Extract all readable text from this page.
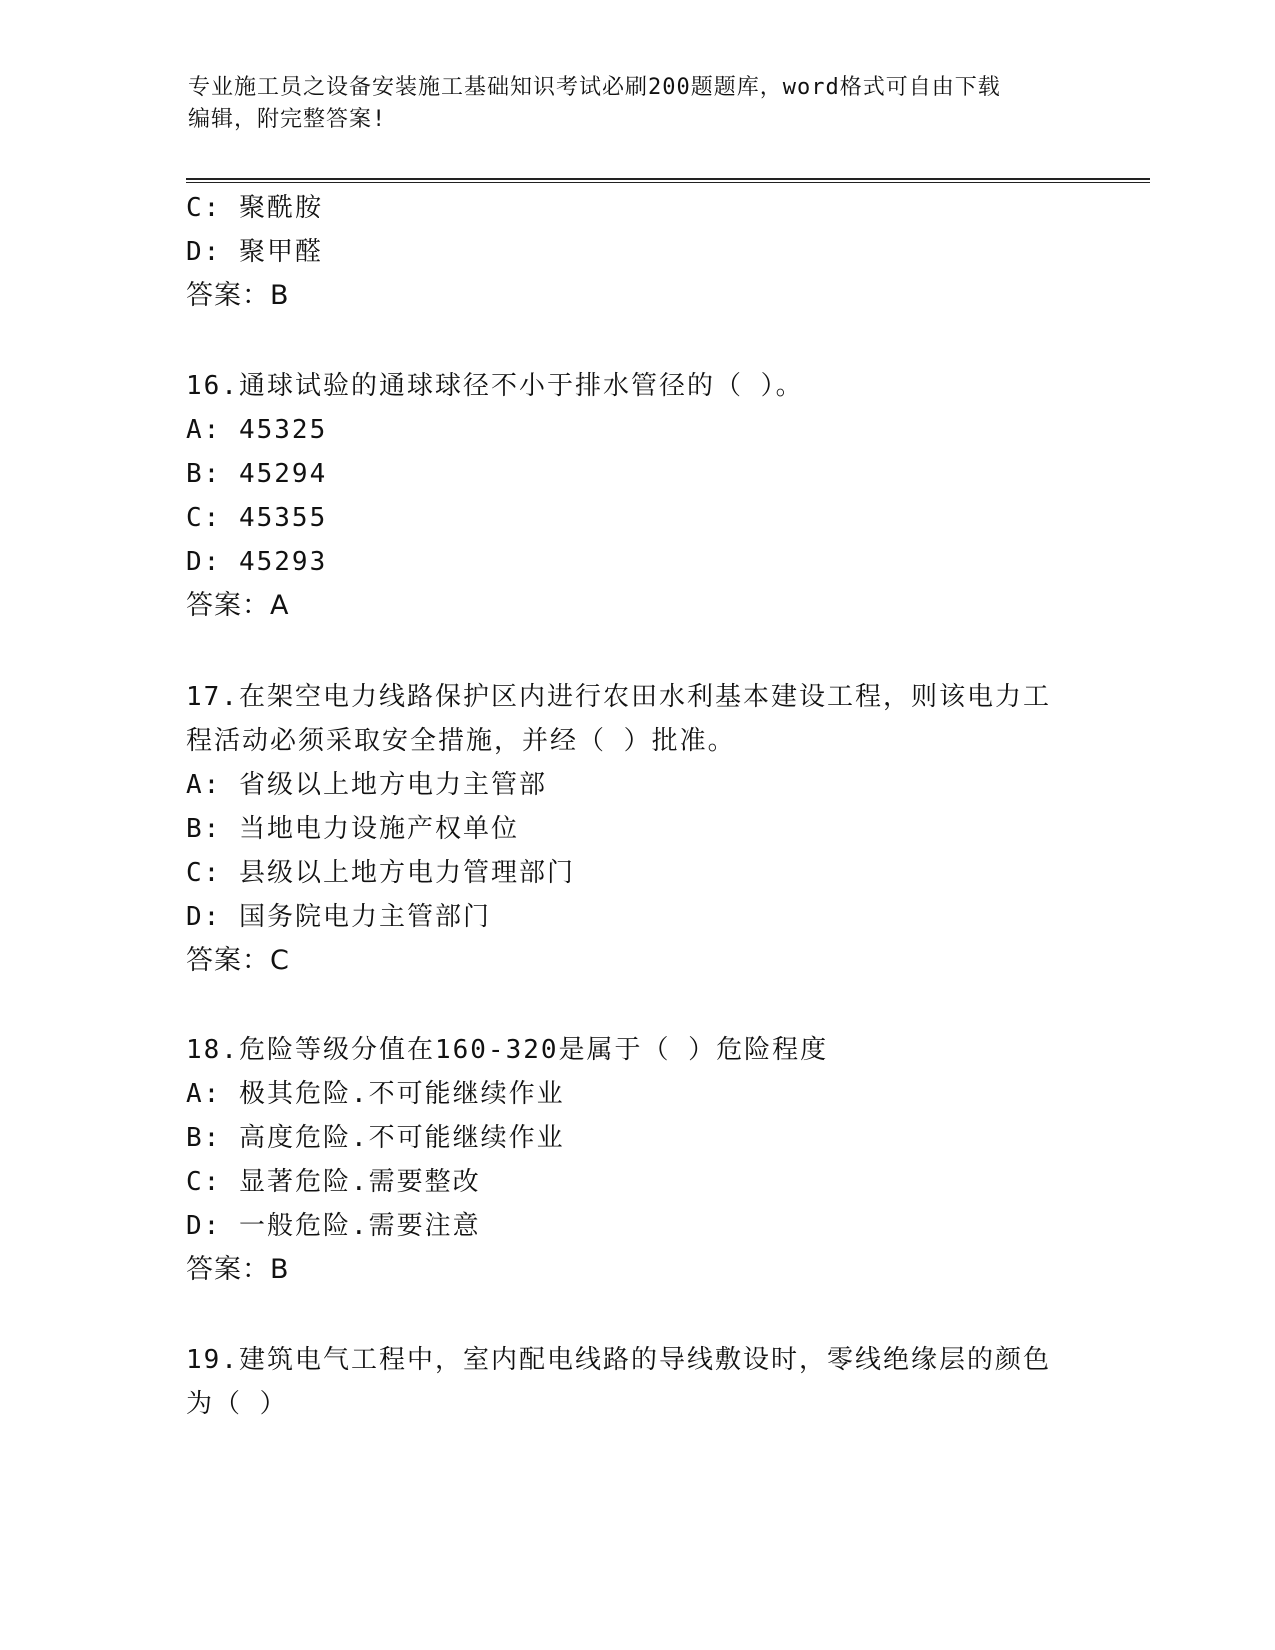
专业施工员之设备安装施工基础知识考试必刷200题题库，word格式可自由下载
编辑，附完整答案!
C: 聚酰胺
D: 聚甲醛
答案：B
16.通球试验的通球球径不小于排水管径的（ ）。
A: 45325
B: 45294
C: 45355
D: 45293
答案：A
17.在架空电力线路保护区内进行农田水利基本建设工程，则该电力工
程活动必须采取安全措施，并经（ ）批准。
A: 省级以上地方电力主管部
B: 当地电力设施产权单位
C: 县级以上地方电力管理部门
D: 国务院电力主管部门
答案：C
18.危险等级分值在160-320是属于（ ）危险程度
A: 极其危险.不可能继续作业
B: 高度危险.不可能继续作业
C: 显著危险.需要整改
D: 一般危险.需要注意
答案：B
19.建筑电气工程中，室内配电线路的导线敷设时，零线绝缘层的颜色
为（ ）
